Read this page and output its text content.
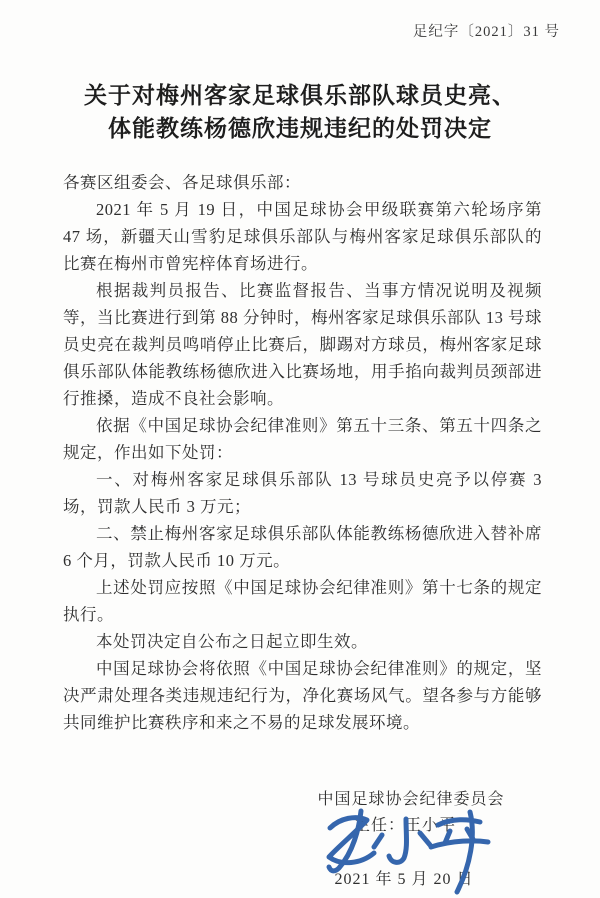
足纪字〔2021〕31 号
关于对梅州客家足球俱乐部队球员史亮、
体能教练杨德欣违规违纪的处罚决定

各赛区组委会、各足球俱乐部：

2021 年 5 月 19 日，中国足球协会甲级联赛第六轮场序第 47 场，新疆天山雪豹足球俱乐部队与梅州客家足球俱乐部队的比赛在梅州市曾宪梓体育场进行。

根据裁判员报告、比赛监督报告、当事方情况说明及视频等，当比赛进行到第 88 分钟时，梅州客家足球俱乐部队 13 号球员史亮在裁判员鸣哨停止比赛后，脚踢对方球员，梅州客家足球俱乐部队体能教练杨德欣进入比赛场地，用手掐向裁判员颈部进行推搡，造成不良社会影响。

依据《中国足球协会纪律准则》第五十三条、第五十四条之规定，作出如下处罚：

一、对梅州客家足球俱乐部队 13 号球员史亮予以停赛 3 场，罚款人民币 3 万元；

二、禁止梅州客家足球俱乐部队体能教练杨德欣进入替补席 6 个月，罚款人民币 10 万元。

上述处罚应按照《中国足球协会纪律准则》第十七条的规定执行。

本处罚决定自公布之日起立即生效。

中国足球协会将依照《中国足球协会纪律准则》的规定，坚决严肃处理各类违规违纪行为，净化赛场风气。望各参与方能够共同维护比赛秩序和来之不易的足球发展环境。

中国足球协会纪律委员会
主任：王小平
2021 年 5 月 20 日
